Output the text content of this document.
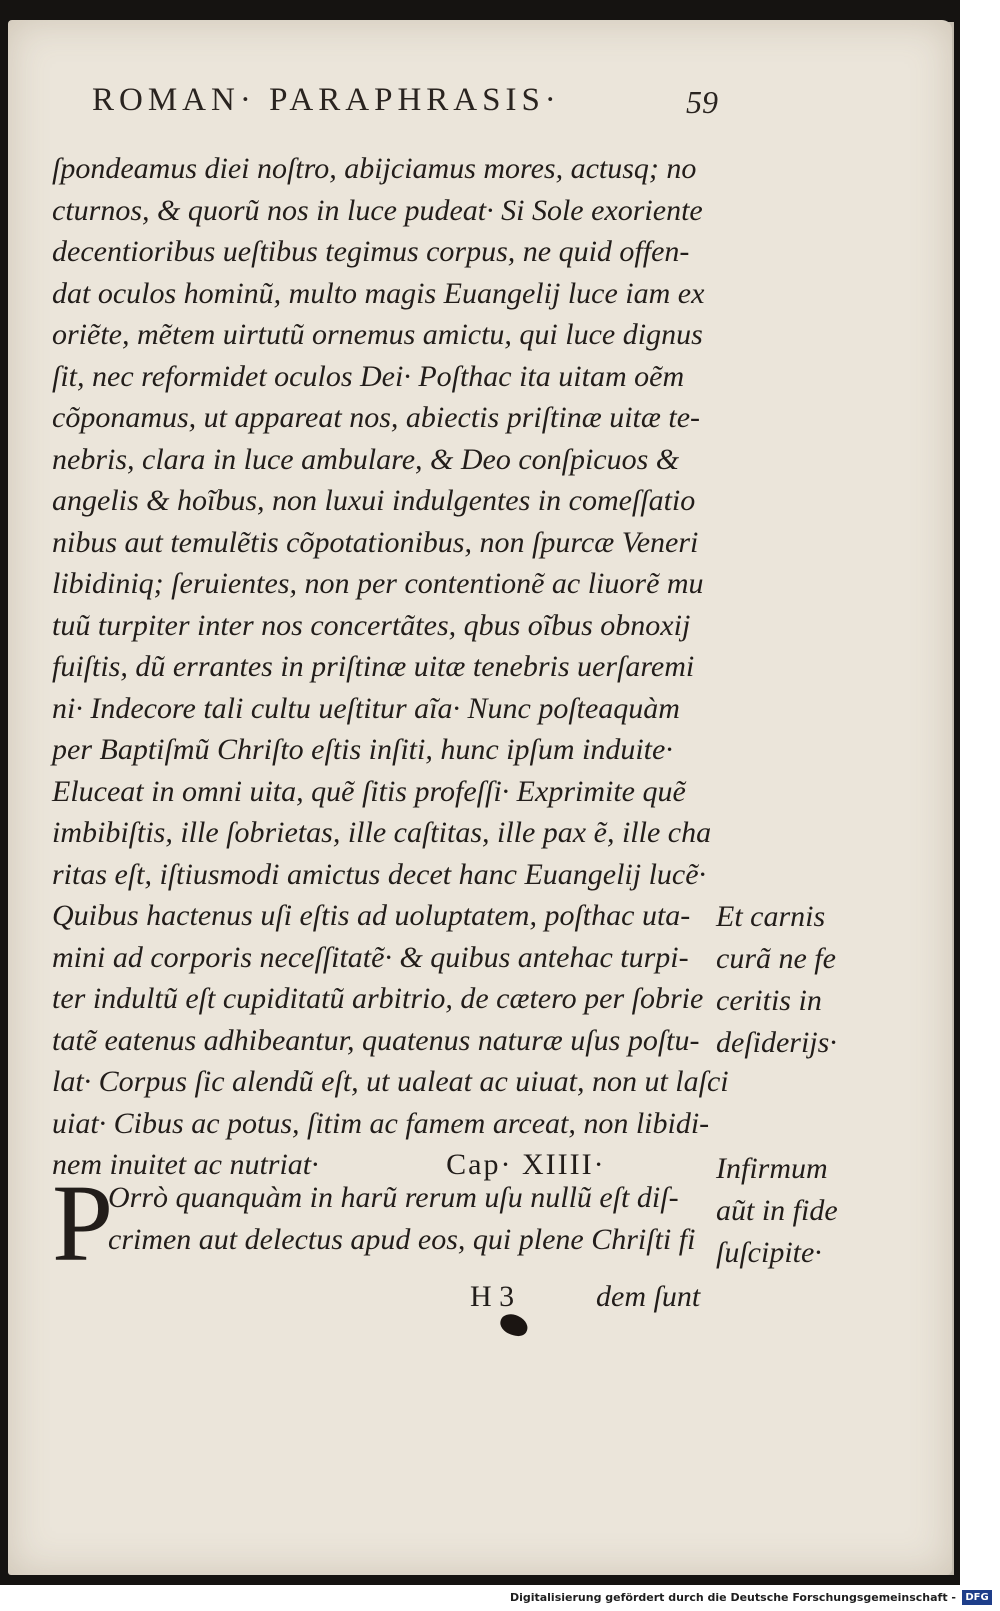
ROMAN· PARAPHRASIS·	59
ſpondeamus diei noſtro, abijciamus mores, actusq; no
cturnos, & quorũ nos in luce pudeat· Si Sole exoriente
decentioribus ueſtibus tegimus corpus, ne quid offen-
dat oculos hominũ, multo magis Euangelij luce iam ex
oriẽte, mẽtem uirtutũ ornemus amictu, qui luce dignus
ſit, nec reformidet oculos Dei· Poſthac ita uitam oẽm
cõponamus, ut appareat nos, abiectis priſtinæ uitæ te-
nebris, clara in luce ambulare, & Deo conſpicuos &
angelis & hoĩbus, non luxui indulgentes in comeſſatio
nibus aut temulẽtis cõpotationibus, non ſpurcæ Veneri
libidiniq; ſeruientes, non per contentionẽ ac liuorẽ mu
tuũ turpiter inter nos concertãtes, qbus oĩbus obnoxij
fuiſtis, dũ errantes in priſtinæ uitæ tenebris uerſaremi
ni· Indecore tali cultu ueſtitur aĩa· Nunc poſteaquàm
per Baptiſmũ Chriſto eſtis inſiti, hunc ipſum induite·
Eluceat in omni uita, quẽ ſitis profeſſi· Exprimite quẽ
imbibiſtis, ille ſobrietas, ille caſtitas, ille pax ẽ, ille cha
ritas eſt, iſtiusmodi amictus decet hanc Euangelij lucẽ·
Quibus hactenus uſi eſtis ad uoluptatem, poſthac uta-
mini ad corporis neceſſitatẽ· & quibus antehac turpi-
ter indultũ eſt cupiditatũ arbitrio, de cætero per ſobrie
tatẽ eatenus adhibeantur, quatenus naturæ uſus poſtu-
lat· Corpus ſic alendũ eſt, ut ualeat ac uiuat, non ut laſci
uiat· Cibus ac potus, ſitim ac famem arceat, non libidi-
nem inuitet ac nutriat·	Cap· XIIII·
P
Orrò quanquàm in harũ rerum uſu nullũ eſt diſ-
crimen aut delectus apud eos, qui plene Chriſti fi
H 3	dem ſunt
Et carnis
curã ne fe
ceritis in
deſiderijs·
Infirmum
aũt in fide
ſuſcipite·
Digitalisierung gefördert durch die Deutsche Forschungsgemeinschaft - DFG
